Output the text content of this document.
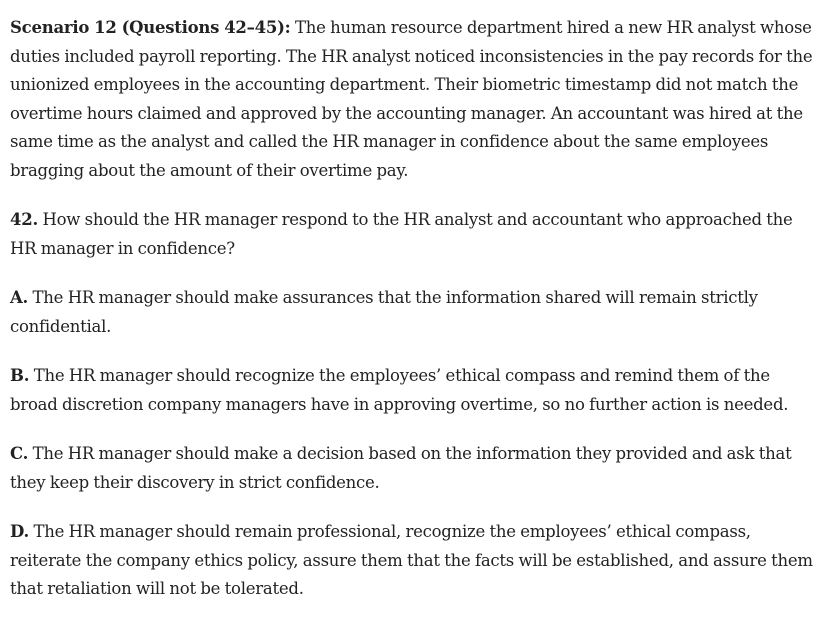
Scenario 12 (Questions 42–45): The human resource department hired a new HR analyst whose duties included payroll reporting. The HR analyst noticed inconsistencies in the pay records for the unionized employees in the accounting department. Their biometric timestamp did not match the overtime hours claimed and approved by the accounting manager. An accountant was hired at the same time as the analyst and called the HR manager in confidence about the same employees bragging about the amount of their overtime pay.

42. How should the HR manager respond to the HR analyst and accountant who approached the HR manager in confidence?

A. The HR manager should make assurances that the information shared will remain strictly confidential.

B. The HR manager should recognize the employees’ ethical compass and remind them of the broad discretion company managers have in approving overtime, so no further action is needed.

C. The HR manager should make a decision based on the information they provided and ask that they keep their discovery in strict confidence.

D. The HR manager should remain professional, recognize the employees’ ethical compass, reiterate the company ethics policy, assure them that the facts will be established, and assure them that retaliation will not be tolerated.
